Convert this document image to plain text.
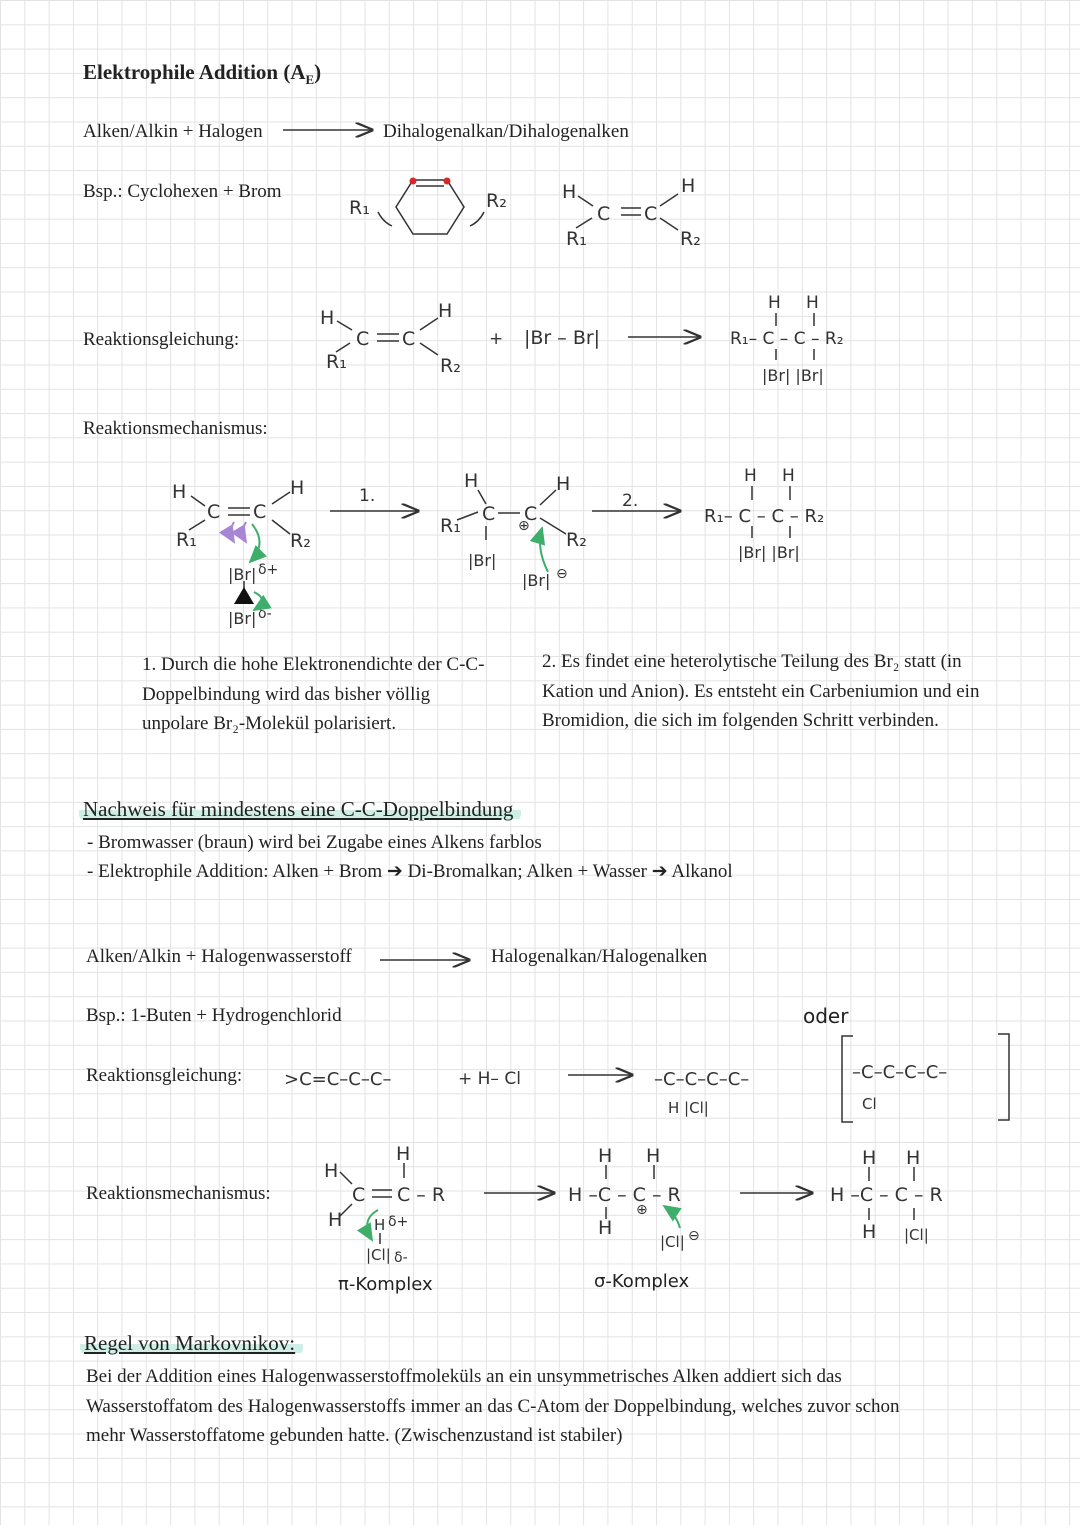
Elektrophile Addition $(A_E)$
Alken/Alkin + Halogen	Dihalogenalkan/Dihalogenalken
Bsp.: Cyclohexen + Brom
Reaktionsgleichung:
Reaktionsmechanismus:
1. Durch die hohe Elektronendichte der C-C-Doppelbindung wird das bisher völlig unpolare Br₂-Molekül polarisiert.
2. Es findet eine heterolytische Teilung des Br₂ statt (in Kation und Anion). Es entsteht ein Carbeniumion und ein Bromidion, die sich im folgenden Schritt verbinden.
Nachweis für mindestens eine C-C-Doppelbindung
- Bromwasser (braun) wird bei Zugabe eines Alkens farblos
- Elektrophile Addition: Alken + Brom ➔ Di-Bromalkan; Alken + Wasser ➔ Alkanol
Alken/Alkin + Halogenwasserstoff	Halogenalkan/Halogenalken
Bsp.: 1-Buten + Hydrogenchlorid
Reaktionsgleichung:
Reaktionsmechanismus:
oder
π-Komplex	σ-Komplex
Regel von Markovnikov:
Bei der Addition eines Halogenwasserstoffmoleküls an ein unsymmetrisches Alken addiert sich das Wasserstoffatom des Halogenwasserstoffs immer an das C-Atom der Doppelbindung, welches zuvor schon mehr Wasserstoffatome gebunden hatte. (Zwischenzustand ist stabiler)
R₁	R₂	H
C C
H
R₁	R₂
H
C C
H
R₁	R₂
+ |Br – Br|
H H
R₁– C – C – R₂
|Br| |Br|
H
C C
H
R₁	R₂
|Br|
|Br|
1.	2.
H
C C
H
R₁
R₂
|Br|
|Br|
H H
R₁– C – C – R₂
|Br| |Br|
>C=C–C–C–	+ H– Cl	–C–C–C–C–
H |Cl|
–C–C–C–C–
Cl
H
H
C C – R
H H
|Cl|
H H
H –C – C – R
H
|Cl|
H H
H –C – C – R
H |Cl|
δ+
δ-
⊕
⊖
δ+
δ-
⊕
⊖
